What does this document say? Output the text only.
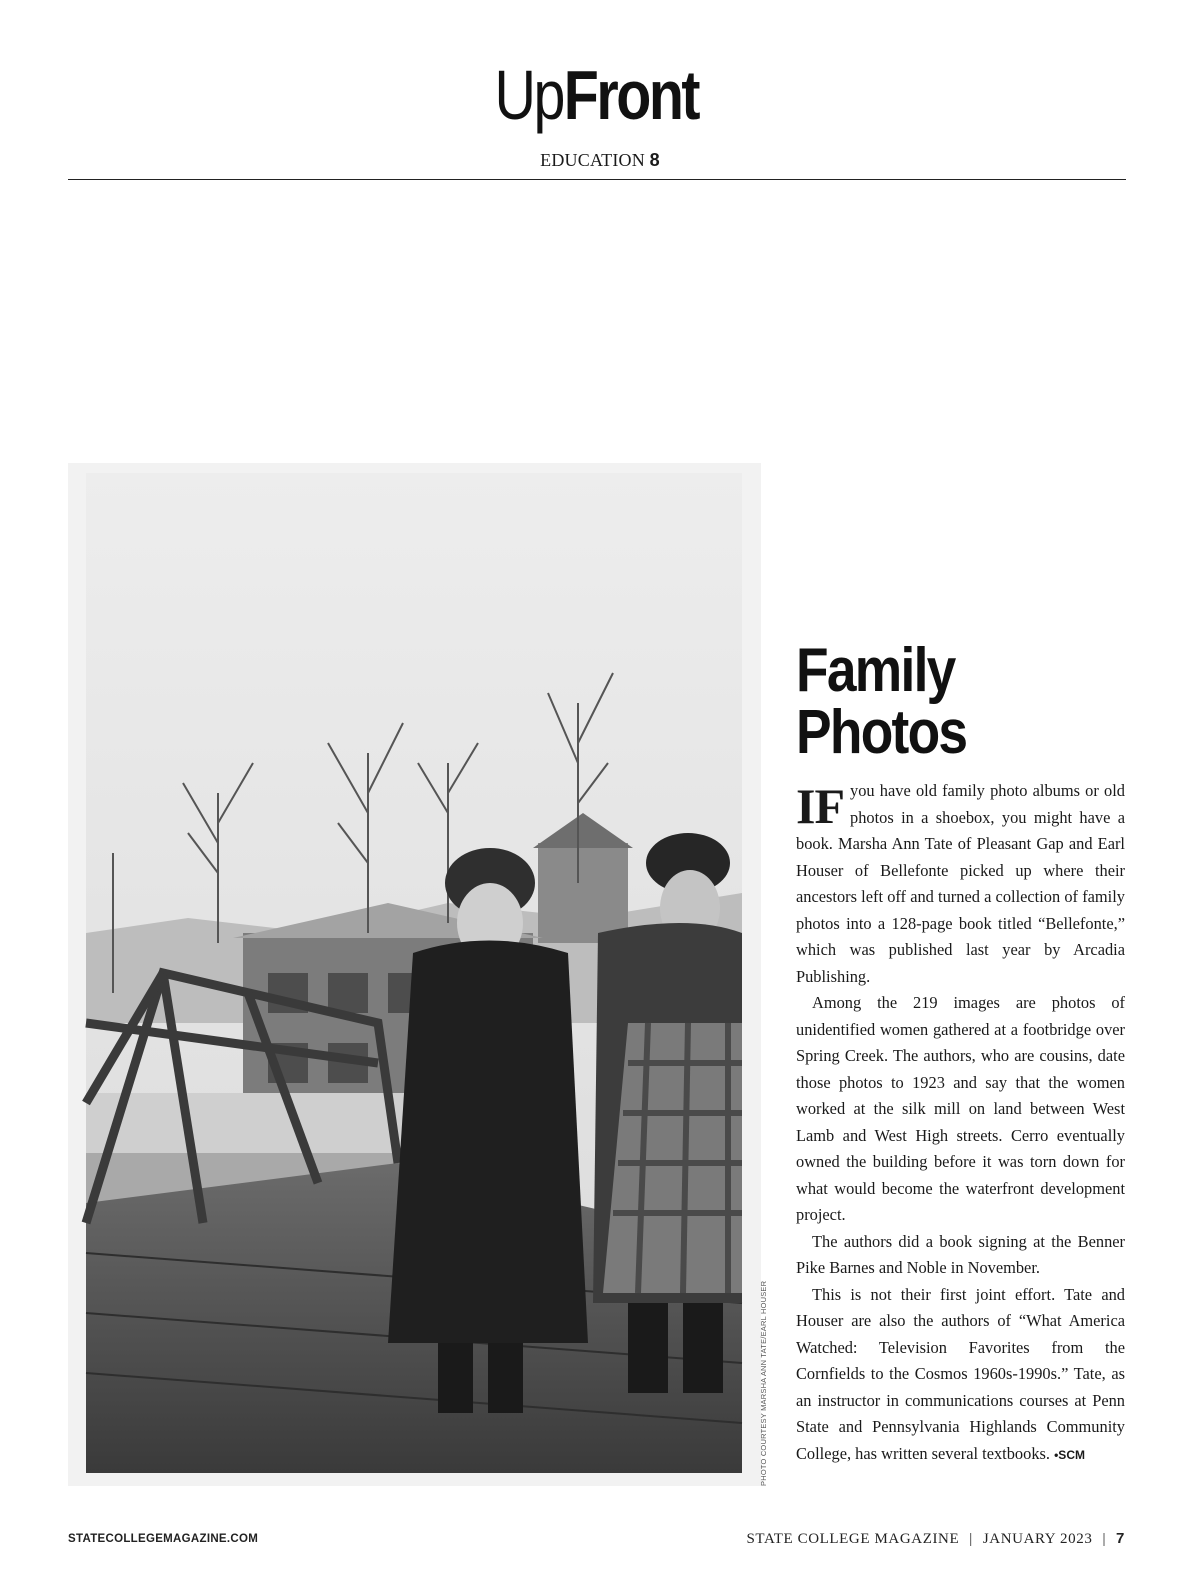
UpFront
EDUCATION 8
PHOTO COURTESY MARSHA ANN TATE/EARL HOUSER
Family
Photos

IF you have old family photo albums or old photos in a shoebox, you might have a book. Marsha Ann Tate of Pleasant Gap and Earl Houser of Bellefonte picked up where their ancestors left off and turned a collection of family photos into a 128-page book titled “Bellefonte,” which was published last year by Arcadia Publishing.

Among the 219 images are photos of unidentified women gathered at a footbridge over Spring Creek. The authors, who are cousins, date those photos to 1923 and say that the women worked at the silk mill on land between West Lamb and West High streets. Cerro eventually owned the building before it was torn down for what would become the waterfront development project.

The authors did a book signing at the Benner Pike Barnes and Noble in November.

This is not their first joint effort. Tate and Houser are also the authors of “What America Watched: Television Favorites from the Cornfields to the Cosmos 1960s-1990s.” Tate, as an instructor in communications courses at Penn State and Pennsylvania Highlands Community College, has written several textbooks. •SCM

STATECOLLEGEMAGAZINE.COM	STATE COLLEGE MAGAZINE | JANUARY 2023 | 7
